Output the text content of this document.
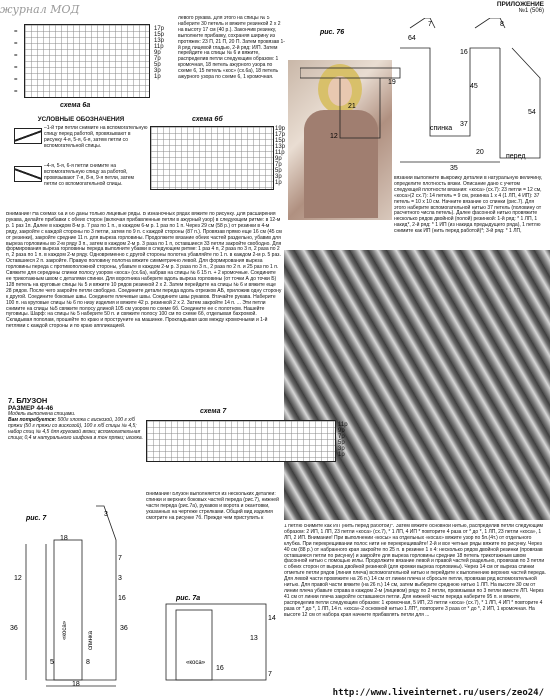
журнал МОД	ПРИЛОЖЕНИЕ
№1 (506)
=
=
=
=
=
=
17р
15р
13р
11р
9р
7р
5р
3р
1р
схема 6а
левого рукава. Для этого на спицы № 5 наберите 30 петель и вяжите резинкой 2 х 2 на высоту 17 см (40 р.). Закончив резинку, выполните прибавку, сохраняя ширину из протяжек: 23 П, 21 П, 20 П. Затем провязав 1-й ряд лицевой гладью, 2-й ряд: И/П. Затем перейдите на спицы № 6 и вяжите, распределив петли следующим образом: 1 кромочная, 18 петель ажурного узора по схеме 6, 15 петель «кос» (сх.6а), 18 петель ажурного узора по схеме 6, 1 кромочная.
УСЛОВНЫЕ ОБОЗНАЧЕНИЯ
–1-й три петли снимите на вспомогательную спицу перед работой, провязывают в рисунку 4-я, 5-я, 6-я, затем петли со вспомогательной спицы.
–4-я, 5-я, 6-я петли снимите на вспомогательную спицу за работой, провязывают 7-я, 8-я, 9-я петли, затем петли со вспомогательной спицы.
схема 6б
19р
17р
15р
13р
11р
9р
7р
5р
3р
1р
рис. 76
64
7	8
21
45
19
12
54
16
20
37
35
спинка
перед
вязании выполните выкройку деталей в натуральную величину, определите плотность вязки. Описание дано с учетом следующей плотности вязания: «коса» (сх.7): 23 петли = 12 см, «коса»(2 сх.7): 14 петель = 9 см, резинка 1 х 4 (1 ЛП, 4 ИП): 37 петель = 10 х 10 см. Начните вязание со спинки (рис.7). Для этого наберите вспомогательной нитью 37 петель (половину от расчетного числа петель). Далее фасонной нитью провяжите несколько рядов двойной (полой) резинкой: 1-й ряд: * 1 ЛП, 1 накид*, 2-й ряд: * 1 ИП (из накида предыдущего ряда), 1 петлю снимите как ИП (нить перед работой)*; 3-й ряд: * 1 ЛП,
Внимание! На схемах 6а и 6б даны только лицевые ряды. В изнаночных рядах вяжите по рисунку. Для расширения рукава, делайте прибавки с обеих сторон (включая прибавленные петли в ажурный узор) в следующем ритме: в 12-м р. 1 раз 1п. Далее в каждом 8-м р. 7 раз по 1 п., в каждом 6-м р. 1 раз по 1 п. Через 29 см (58 р.) от резинки в 4-м ряду, закройте с каждой стороны по 3 петли, затем по 9 п. с каждой стороны (87 п.). Провязав прямо еще 16 см (45 см от резинки), закройте средние 11 п. для выреза горловины. Продолжите вязание обеих частей раздельно, убавив для выреза горловины во 2-м ряду 3 п., затем в каждом 2-м р. 3 раза по 1 п, оставшиеся 33 петли закройте свободно. Для формирования выреза горловины переда выполните убавки в следующем ритме: 1 раз 4 п, 2 раза по 3 п, 2 раза по 2 п, 2 раза по 1 п. в каждом 2-м ряду. Одновременно с другой стороны полотна убавляйте по 1 п. в каждом 2-м р. 5 раз. Оставшиеся 2 п. закройте. Правую половину полотна вяжите симметрично левой. Для формирования выреза горловины переда с противоположной стороны, убавьте в каждом 2-м р. 3 раза по 3 п., 2 раза по 2 п. и 25 раз по 1 п. Свяжите для середины спинки полосу узором «коса» (сх.6а), набрав на спицы № 6 15 п. + 2 кромочные. Соедините ее трикотажным швом с деталями спинки. Для воротника наберите вдоль выреза горловины (от точки А до точки Б) 128 петель на круговые спицы № 5 и вяжите 10 рядов резинкой 2 х 2. Затем перейдите на спицы № 6 и вяжите еще 28 рядов. После чего закройте петли свободно. Соедините детали переда вдоль отрезков АБ, приложив одну сторону к другой. Соедините боковые швы. Соедините плечевые швы. Соедините швы рукавов. Втачайте рукава. Наберите 100 п. на круговые спицы № 6 по низу изделия и вяжите 42 р. резинкой 2 х 2. Затем закройте 14 п. ... Эти петли снимите на спицы №5 свяжите полосу длиной 105 см узором по схеме 6б. Соедините ее с полотном. Нашейте пуговицы. Шарф: на спицы № 5 наберите 50 п. и свяжите полосу 100 см по схеме 6б, отделывая бахромой. Складывая пополам, прошейте по краю и проструните на машинке. Прокладывая шов между кромочными и 1-й петлями с каждой стороны и по краю аппликацией.
схема 7
11р
9р
7р
5р
3р
1р
7. БЛУЗОН
РАЗМЕР 44-46
Модель выполнена спицами.
Вам потребуется: 500г хлопка с вискозой, 100 г х/б пряжи (50 г пряжи со вискозой), 100 г х/б спицы № 4,5; набор спиц № 4,5 для круговой вязки; вспомогательная спица; 0,4 м натурального шифона в тон пряжи; иголка.
Внимание! Блузон выполняется из нескольких деталей: спинки и верхних боковых частей переда (рис.7), нижней части переда (рис.7а), рукавов и ворота и окантовки, указанных на чертеже стрелками. Общий вид изделия смотрите на рисунке 7б. Прежде чем приступить к
рис. 7
3
7
3
18
12
36	36
16
5	8
18
«коса»
спинка
рис. 7а
14
13
16
7
«коса»
1 петлю снимите как ИП (нить перед работой)*. Затем вяжите основной нитью, распределив петли следующим образом: 2 ИП, 1 ЛП, 23 петли «коса» (сх.7), * 1 ЛП, 4 ИП * повторите 4 раза от * до *, 1 ЛП, 23 петли «коса», 1 ЛП, 2 ИП. Внимание! При выполнении «косы» на отдельных «косах» вяжите узор по 5п.(4т.) от отдельного клубка. При перекрещивании полос нити не перекрещивайте! 2-й и все четные ряды вяжите по рисунку. Через 40 см (88 р.) от набранного края закройте по 25 п. в резинке 1 х 4: несколько рядов двойной резинки (провязав оставшиеся петли по рисунку) и закройте для выреза горловины средние 18 петель трикотажным швом фасонной нитью с помощью иглы. Продолжите вязание левой и правой частей раздельно, провязав по 3 петли с обеих сторон от выреза двойной резинкой (для кромки выреза горловины). Через 14 см от выреза спинки отметьте петли рядов (линия плеча) вспомогательной нитью и перейдите к выполнению верхних частей переда. Для левой части провяжите на 26 п.) 14 см от линии плеча и сбросьте петли, провязав ряд вспомогательной нитью. Для правой части вяжите (на 26 п.) 14 см, затем выберите среднюю нитью 1 ЛП. На высоте 30 см от линии плеча убавьте справа в каждом 2-м (лицевом) ряду по 2 петли, провязывая по 3 петли вместе ЛП. Через 41 см от линии плеча закройте оставшиеся петли. Для нижней части переда наберите 95 п. и вяжите, распределив петли следующим образом: 1 кромочная, 5 ИП, 23 петли «коса» (сх.7), * 1 ЛП, 4 ИП * повторите 4 раза от * до *, 1 ЛП, 14 п. «коса»-2 основной нитью 1 ЛП*, повторите 3 раза от * до *, 2 ИП, 1 кромочная. На высоте 12 см от набора края начните прибавлять петли для ...
http://www.liveinternet.ru/users/zeo24/
